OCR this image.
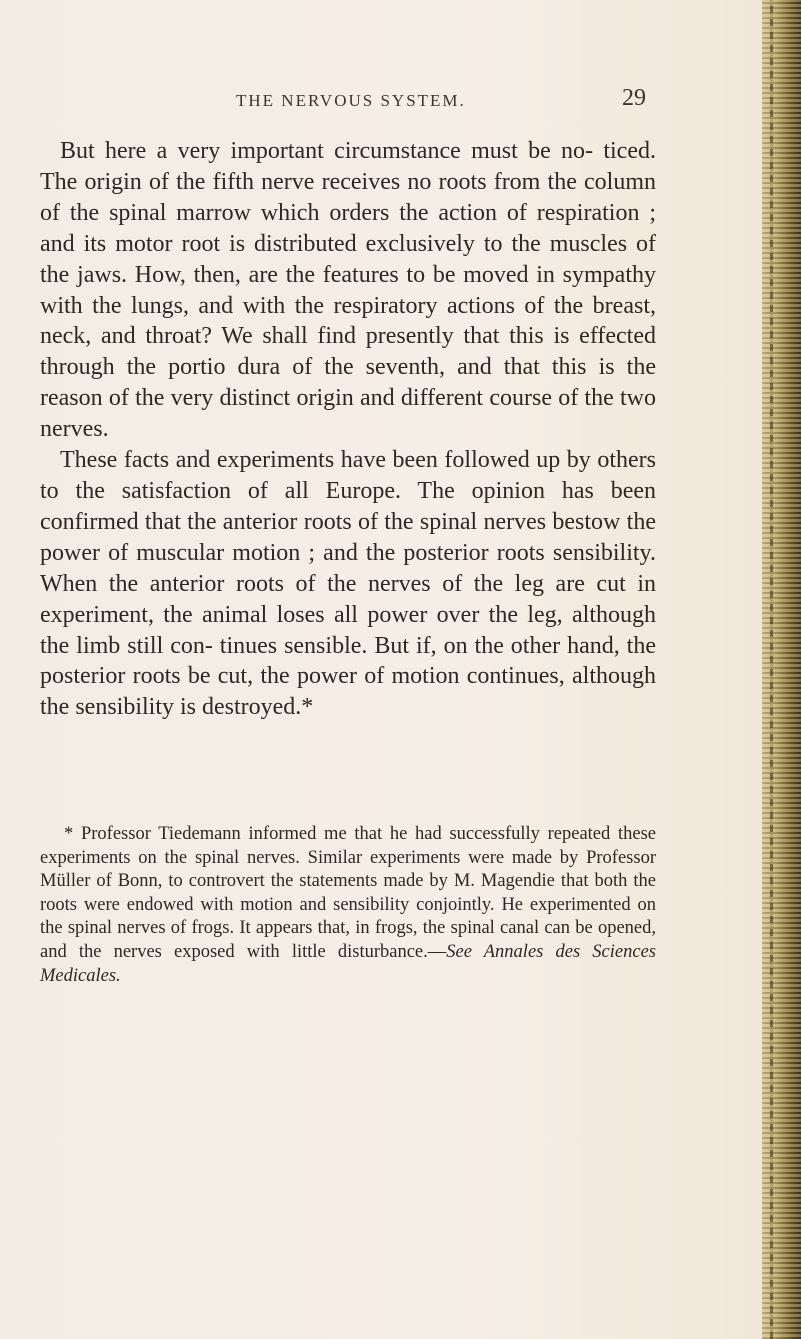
THE NERVOUS SYSTEM.	29

But here a very important circumstance must be no- ticed. The origin of the fifth nerve receives no roots from the column of the spinal marrow which orders the action of respiration ; and its motor root is distributed exclusively to the muscles of the jaws. How, then, are the features to be moved in sympathy with the lungs, and with the respiratory actions of the breast, neck, and throat? We shall find presently that this is effected through the portio dura of the seventh, and that this is the reason of the very distinct origin and different course of the two nerves.

These facts and experiments have been followed up by others to the satisfaction of all Europe. The opinion has been confirmed that the anterior roots of the spinal nerves bestow the power of muscular motion ; and the posterior roots sensibility. When the anterior roots of the nerves of the leg are cut in experiment, the animal loses all power over the leg, although the limb still con- tinues sensible. But if, on the other hand, the posterior roots be cut, the power of motion continues, although the sensibility is destroyed.*

* Professor Tiedemann informed me that he had successfully repeated these experiments on the spinal nerves. Similar experiments were made by Professor Müller of Bonn, to controvert the statements made by M. Magendie that both the roots were endowed with motion and sensibility conjointly. He experimented on the spinal nerves of frogs. It appears that, in frogs, the spinal canal can be opened, and the nerves exposed with little disturbance.—See Annales des Sciences Medicales.
